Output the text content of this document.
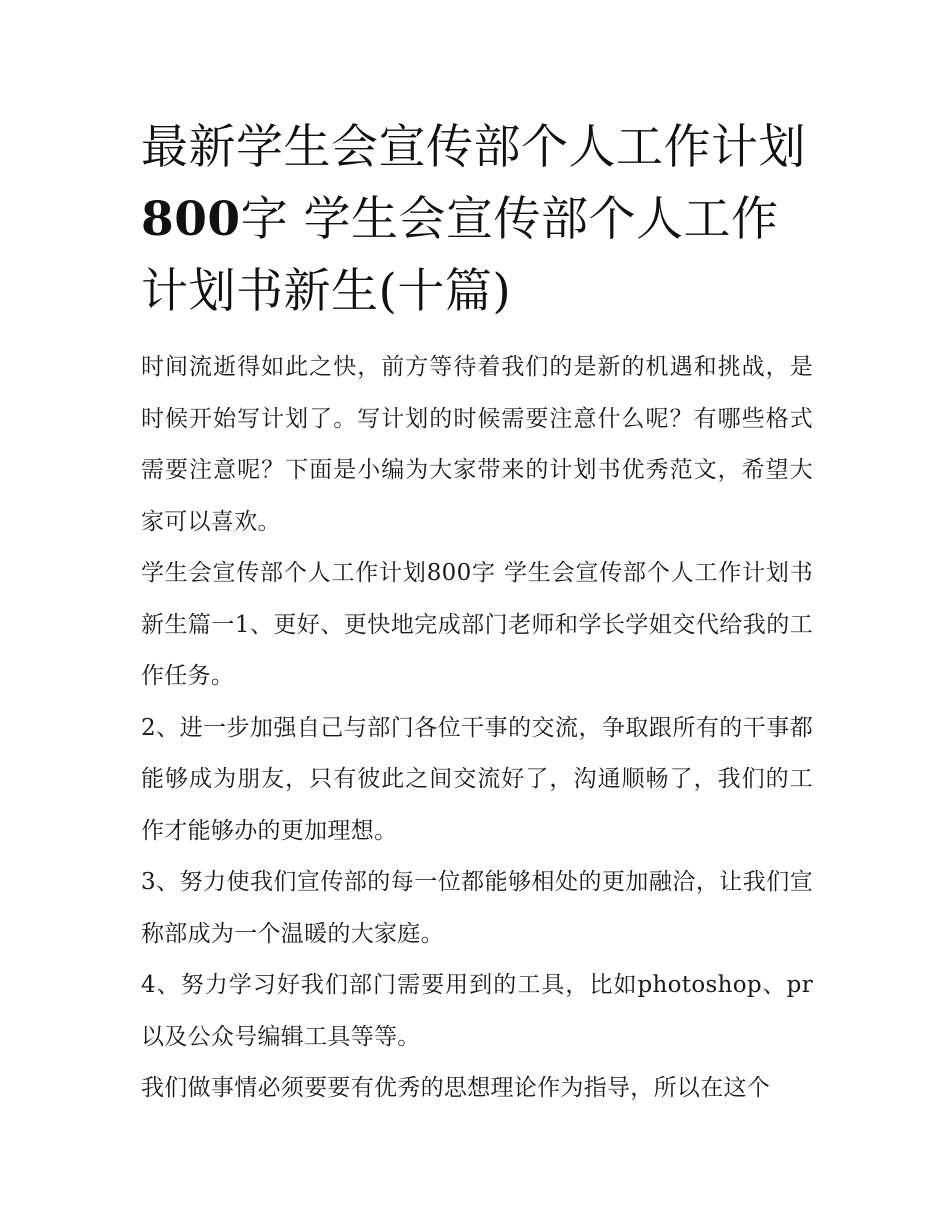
最新学生会宣传部个人工作计划800字 学生会宣传部个人工作计划书新生(十篇)

时间流逝得如此之快，前方等待着我们的是新的机遇和挑战，是时候开始写计划了。写计划的时候需要注意什么呢？有哪些格式需要注意呢？下面是小编为大家带来的计划书优秀范文，希望大家可以喜欢。

学生会宣传部个人工作计划800字 学生会宣传部个人工作计划书新生篇一1、更好、更快地完成部门老师和学长学姐交代给我的工作任务。

2、进一步加强自己与部门各位干事的交流，争取跟所有的干事都能够成为朋友，只有彼此之间交流好了，沟通顺畅了，我们的工作才能够办的更加理想。

3、努力使我们宣传部的每一位都能够相处的更加融洽，让我们宣称部成为一个温暖的大家庭。

4、努力学习好我们部门需要用到的工具，比如photoshop、pr以及公众号编辑工具等等。

我们做事情必须要要有优秀的思想理论作为指导，所以在这个
